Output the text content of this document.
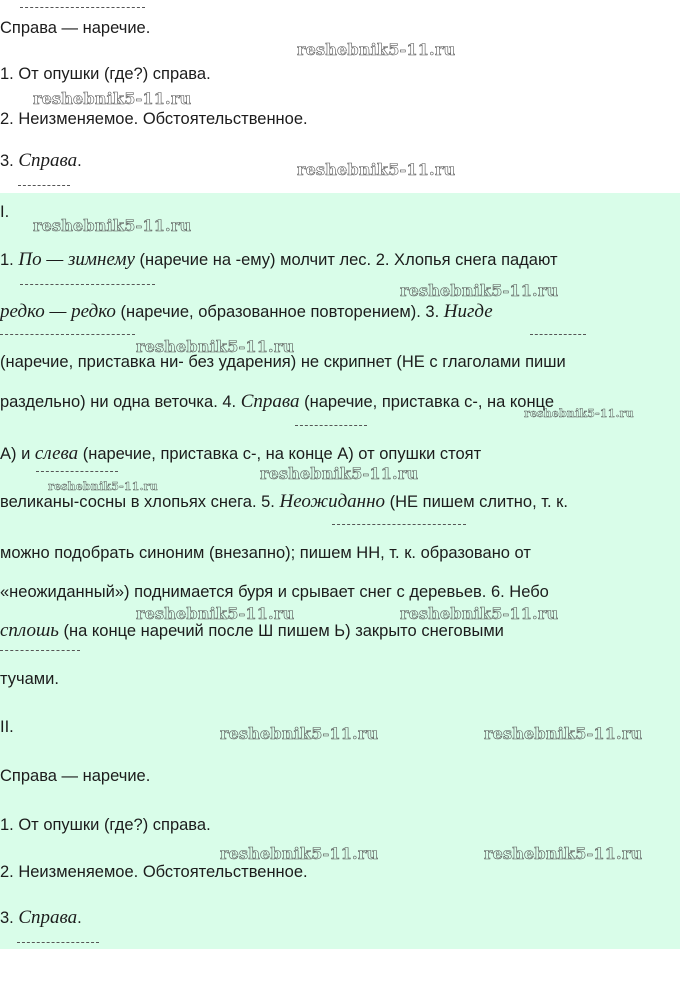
Справа — наречие.
1. От опушки (где?) справа.
2. Неизменяемое. Обстоятельственное.
3. Справа.
I.
1. По — зимнему (наречие на -ему) молчит лес. 2. Хлопья снега падают
редко — редко (наречие, образованное повторением). 3. Нигде
(наречие, приставка ни- без ударения) не скрипнет (НЕ с глаголами пиши
раздельно) ни одна веточка. 4. Справа (наречие, приставка с-, на конце
А) и слева (наречие, приставка с-, на конце А) от опушки стоят
великаны-сосны в хлопьях снега. 5. Неожиданно (НЕ пишем слитно, т. к.
можно подобрать синоним (внезапно); пишем НН, т. к. образовано от
«неожиданный») поднимается буря и срывает снег с деревьев. 6. Небо
сплошь (на конце наречий после Ш пишем Ь) закрыто снеговыми
тучами.
II.
Справа — наречие.
1. От опушки (где?) справа.
2. Неизменяемое. Обстоятельственное.
3. Справа.
reshebnik5-11.ru
reshebnik5-11.ru
reshebnik5-11.ru
reshebnik5-11.ru
reshebnik5-11.ru
reshebnik5-11.ru
reshebnik5-11.ru
reshebnik5-11.ru
reshebnik5-11.ru
reshebnik5-11.ru	reshebnik5-11.ru
reshebnik5-11.ru	reshebnik5-11.ru
reshebnik5-11.ru	reshebnik5-11.ru
